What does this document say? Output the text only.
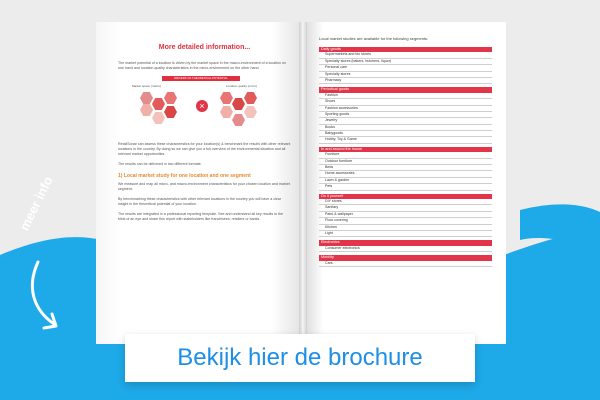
More detailed information...
The market potential of a location is driven by the market space in the macro-environment of a location on one hand and location quality characteristics in the micro-environment on the other hand.
DRIVERS OF THEORETICAL POTENTIAL
Market space (macro)	Location quality (micro)
×
RetailSonar can assess these characteristics for your location(s) & benchmark the results with other relevant locations in the country. By doing so we can give you a full overview of the environmental situation and all relevant market opportunities.
The results can be delivered in two different formats:
1) Local market study for one location and one segment
We measure and map all micro- and macro-environment characteristics for your chosen location and market segment.
By benchmarking these characteristics with other relevant locations in the country you will have a clear insight in the theoretical potential of your location.
The results are integrated in a professional reporting template. See and understand all key results in the blink of an eye and share this report with stakeholders like franchisees, retailers or banks.
Local market studies are available for the following segments:
Daily goods
Supermarkets and bio stores
Specialty stores (bakers, butchers, liquor)
Personal care
Specialty stores
Pharmacy
Periodical goods
Fashion
Shoes
Fashion accessories
Sporting goods
Jewelry
Books
Babygoods
Hobby, Toy & Game
In and around the house
Furniture
Outdoor furniture
Beds
Home accessories
Lawn & garden
Pets
Do it yourself
DIY stores
Sanitary
Paint & wallpaper
Floor covering
Kitchen
Light
Electronics
Consumer electronics
Mobility
Cars
meer info
Bekijk hier de brochure
